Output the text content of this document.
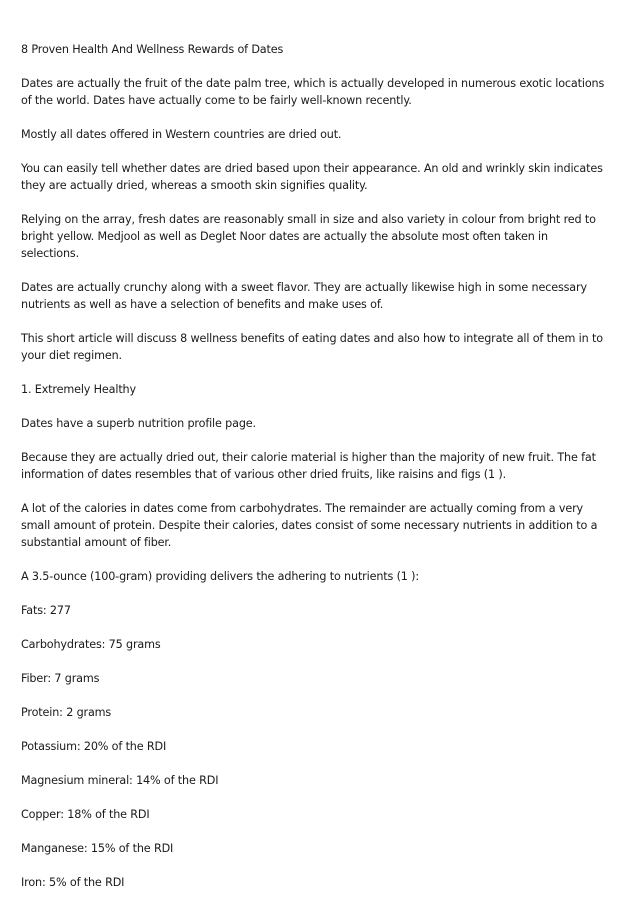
8 Proven Health And Wellness Rewards of Dates

Dates are actually the fruit of the date palm tree, which is actually developed in numerous exotic locations of the world. Dates have actually come to be fairly well-known recently.

Mostly all dates offered in Western countries are dried out.

You can easily tell whether dates are dried based upon their appearance. An old and wrinkly skin indicates they are actually dried, whereas a smooth skin signifies quality.

Relying on the array, fresh dates are reasonably small in size and also variety in colour from bright red to bright yellow. Medjool as well as Deglet Noor dates are actually the absolute most often taken in selections.

Dates are actually crunchy along with a sweet flavor. They are actually likewise high in some necessary nutrients as well as have a selection of benefits and make uses of.

This short article will discuss 8 wellness benefits of eating dates and also how to integrate all of them in to your diet regimen.

1. Extremely Healthy

Dates have a superb nutrition profile page.

Because they are actually dried out, their calorie material is higher than the majority of new fruit. The fat information of dates resembles that of various other dried fruits, like raisins and figs (1 ).

A lot of the calories in dates come from carbohydrates. The remainder are actually coming from a very small amount of protein. Despite their calories, dates consist of some necessary nutrients in addition to a substantial amount of fiber.

A 3.5-ounce (100-gram) providing delivers the adhering to nutrients (1 ):

Fats: 277

Carbohydrates: 75 grams

Fiber: 7 grams

Protein: 2 grams

Potassium: 20% of the RDI

Magnesium mineral: 14% of the RDI

Copper: 18% of the RDI

Manganese: 15% of the RDI

Iron: 5% of the RDI
